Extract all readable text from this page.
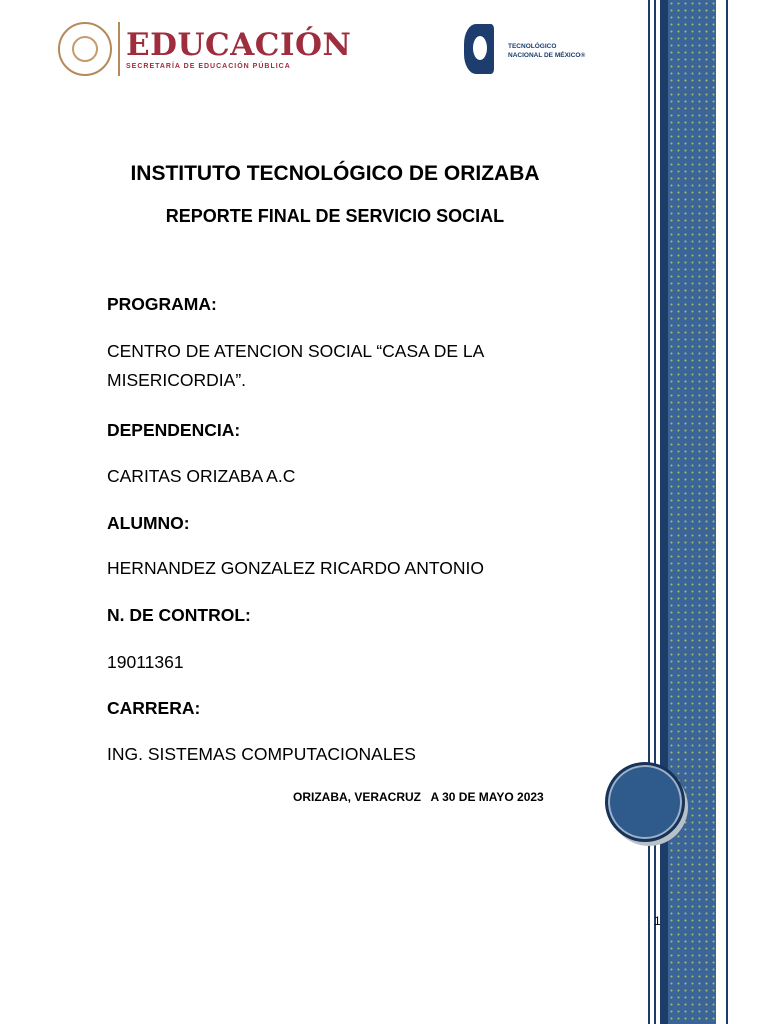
EDUCACIÓN
SECRETARÍA DE EDUCACIÓN PÚBLICA
TECNOLÓGICO
NACIONAL DE MÉXICO®
INSTITUTO TECNOLÓGICO DE ORIZABA
REPORTE FINAL DE SERVICIO SOCIAL
PROGRAMA:
CENTRO DE ATENCION SOCIAL “CASA DE LA MISERICORDIA”.
DEPENDENCIA:
CARITAS ORIZABA A.C
ALUMNO:
HERNANDEZ GONZALEZ RICARDO ANTONIO
N. DE CONTROL:
19011361
CARRERA:
ING. SISTEMAS COMPUTACIONALES
ORIZABA, VERACRUZ   A 30 DE MAYO 2023
1
